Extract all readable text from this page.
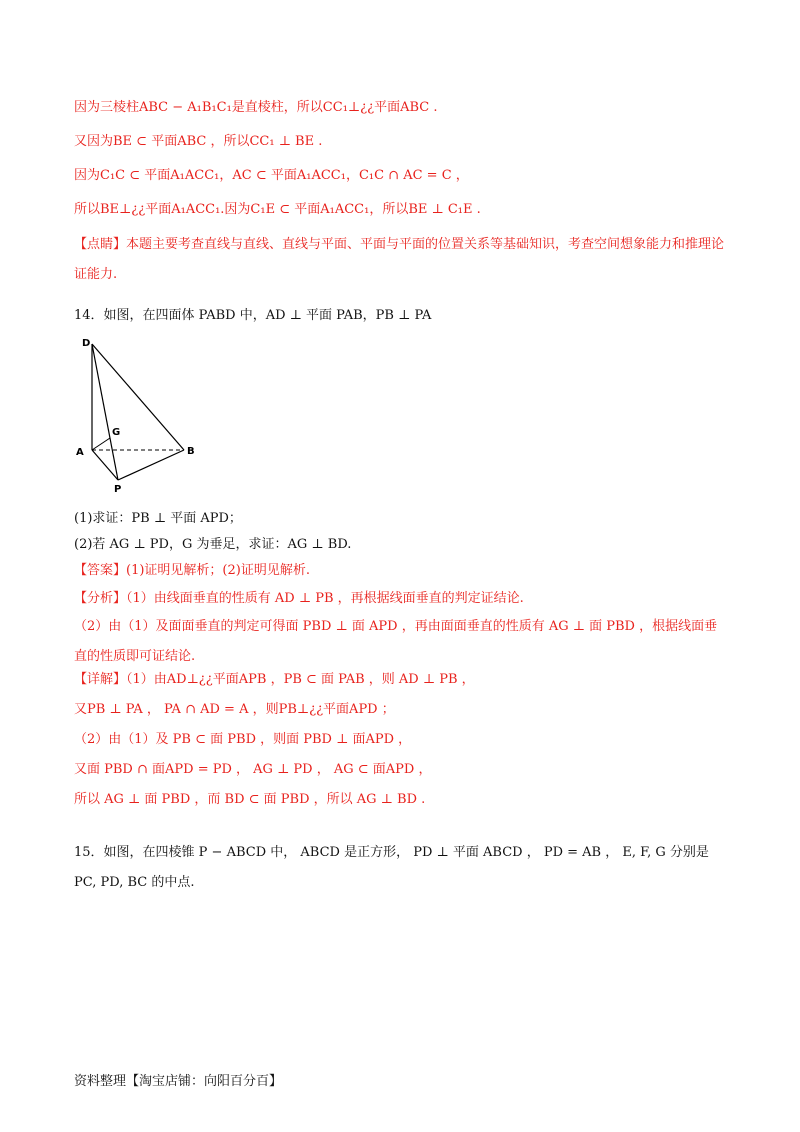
因为三棱柱ABC − A₁B₁C₁是直棱柱，所以CC₁⊥¿¿平面ABC .
又因为BE ⊂ 平面ABC ，所以CC₁ ⊥ BE .
因为C₁C ⊂ 平面A₁ACC₁，AC ⊂ 平面A₁ACC₁，C₁C ∩ AC = C ，
所以BE⊥¿¿平面A₁ACC₁.因为C₁E ⊂ 平面A₁ACC₁，所以BE ⊥ C₁E .
【点睛】本题主要考查直线与直线、直线与平面、平面与平面的位置关系等基础知识，考查空间想象能力和推理论证能力.
14．如图，在四面体 PABD 中，AD ⊥ 平面 PAB，PB ⊥ PA
D
G
A	B
P
(1)求证：PB ⊥ 平面 APD；
(2)若 AG ⊥ PD，G 为垂足，求证：AG ⊥ BD.
【答案】(1)证明见解析；(2)证明见解析.
【分析】（1）由线面垂直的性质有 AD ⊥ PB ，再根据线面垂直的判定证结论.
（2）由（1）及面面垂直的判定可得面 PBD ⊥ 面 APD ，再由面面垂直的性质有 AG ⊥ 面 PBD ，根据线面垂直的性质即可证结论.
【详解】（1）由AD⊥¿¿平面APB ，PB ⊂ 面 PAB ，则 AD ⊥ PB ，
又PB ⊥ PA ， PA ∩ AD = A ，则PB⊥¿¿平面APD ；
（2）由（1）及 PB ⊂ 面 PBD ，则面 PBD ⊥ 面APD ，
又面 PBD ∩ 面APD = PD ， AG ⊥ PD ， AG ⊂ 面APD ，
所以 AG ⊥ 面 PBD ，而 BD ⊂ 面 PBD ，所以 AG ⊥ BD .
15．如图，在四棱锥 P − ABCD 中， ABCD 是正方形， PD ⊥ 平面 ABCD ， PD = AB ， E, F, G 分别是 PC, PD, BC 的中点.
资料整理【淘宝店铺：向阳百分百】
